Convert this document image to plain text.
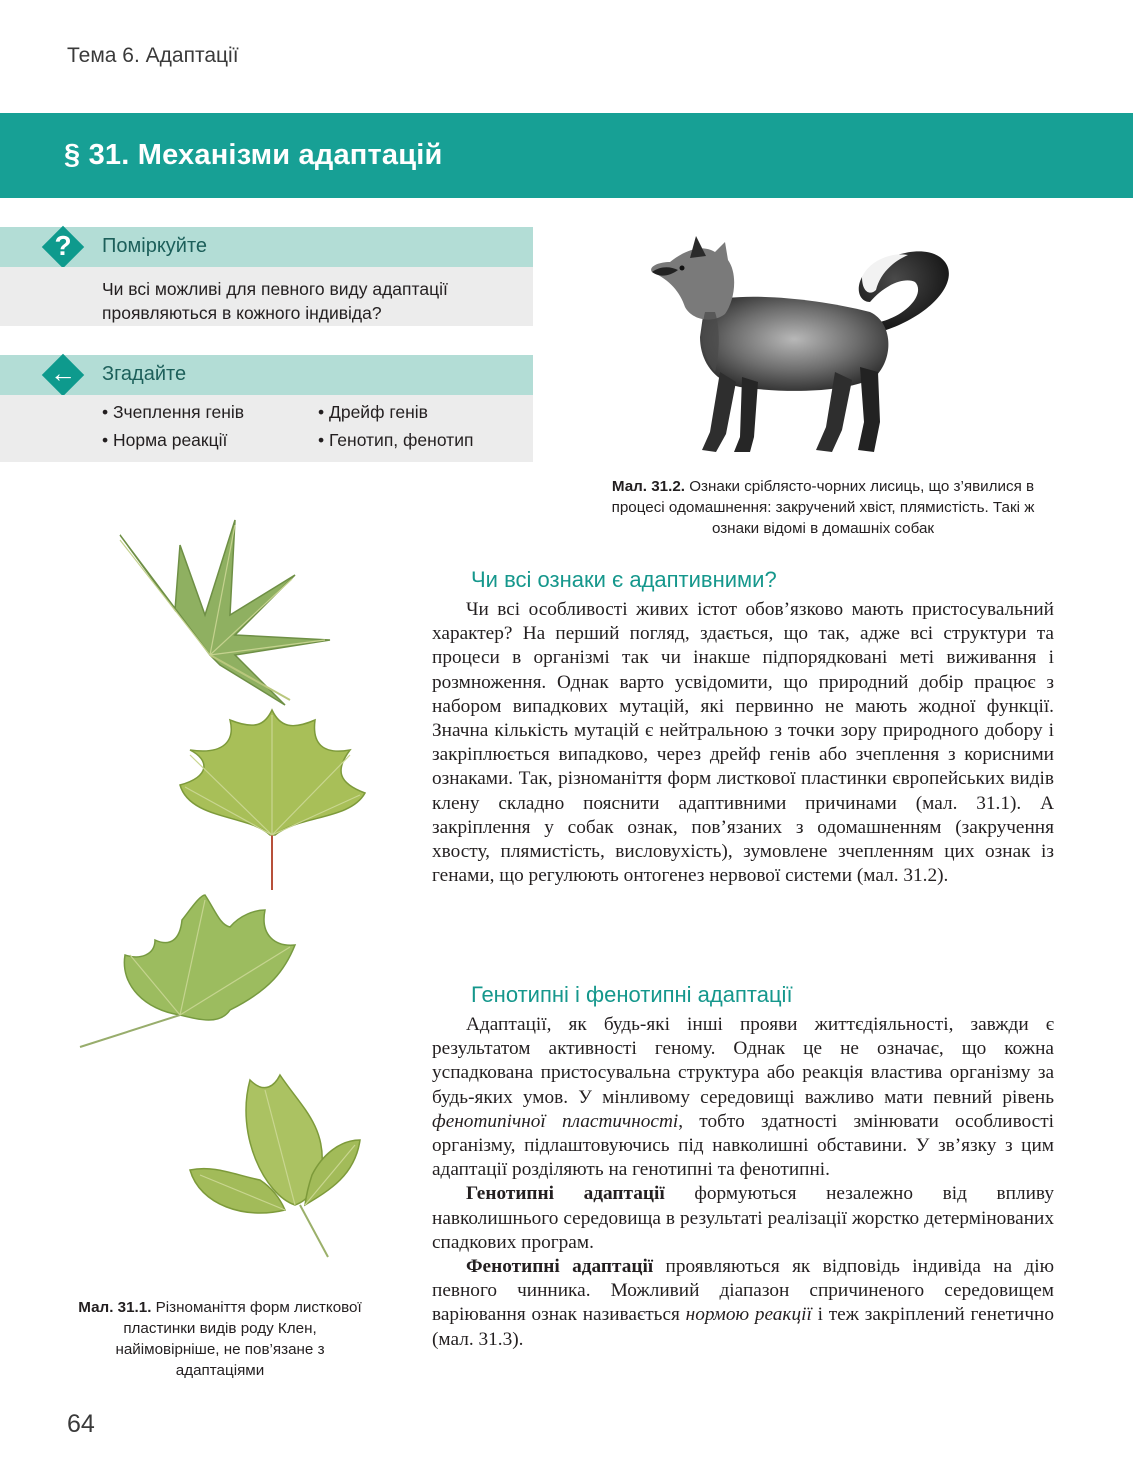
Тема 6. Адаптації
§ 31. Механізми адаптацій
?	Поміркуйте
Чи всі можливі для певного виду адаптації проявляються в кожного індивіда?
←	Згадайте
• Зчеплення генів	• Дрейф генів
• Норма реакції	• Генотип, фенотип
Мал. 31.2. Ознаки сріблясто-чорних лисиць, що з’явилися в процесі одомашнення: закручений хвіст, плямистість. Такі ж ознаки відомі в домашніх собак
Мал. 31.1. Різноманіття форм листкової пластинки видів роду Клен, найімовірніше, не пов’язане з адаптаціями
Чи всі ознаки є адаптивними?

Чи всі особливості живих істот обов’язково мають пристосувальний характер? На перший погляд, здається, що так, адже всі структури та процеси в організмі так чи інакше підпорядковані меті виживання і розмноження. Однак варто усвідомити, що природний добір працює з набором випадкових мутацій, які первинно не мають жодної функції. Значна кількість мутацій є нейтральною з точки зору природного добору і закріплюється випадково, через дрейф генів або зчеплення з корисними ознаками. Так, різноманіття форм листкової пластинки європейських видів клену складно пояснити адаптивними причинами (мал. 31.1). А закріплення у собак ознак, пов’язаних з одомашненням (закручення хвосту, плямистість, висловухість), зумовлене зчепленням цих ознак із генами, що регулюють онтогенез нервової системи (мал. 31.2).

Генотипні і фенотипні адаптації

Адаптації, як будь-які інші прояви життєдіяльності, завжди є результатом активності геному. Однак це не означає, що кожна успадкована пристосувальна структура або реакція властива організму за будь-яких умов. У мінливому середовищі важливо мати певний рівень фенотипічної пластичності, тобто здатності змінювати особливості організму, підлаштовуючись під навколишні обставини. У зв’язку з цим адаптації розділяють на генотипні та фенотипні.

Генотипні адаптації формуються незалежно від впливу навколишнього середовища в результаті реалізації жорстко детермінованих спадкових програм.

Фенотипні адаптації проявляються як відповідь індивіда на дію певного чинника. Можливий діапазон спричиненого середовищем варіювання ознак називається нормою реакції і теж закріплений генетично (мал. 31.3).

64
